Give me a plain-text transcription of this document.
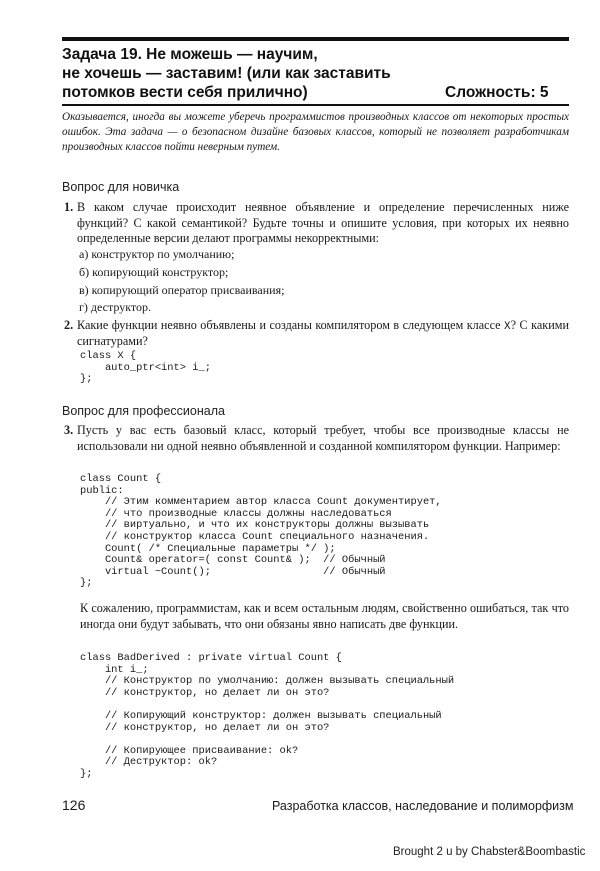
Задача 19. Не можешь — научим,
не хочешь — заставим! (или как заставить
потомков вести себя прилично)	Сложность: 5
Оказывается, иногда вы можете уберечь программистов производных классов от некоторых простых ошибок. Эта задача — о безопасном дизайне базовых классов, который не позволяет разработчикам производных классов пойти неверным путем.
Вопрос для новичка
1. В каком случае происходит неявное объявление и определение перечисленных ниже функций? С какой семантикой? Будьте точны и опишите условия, при которых их неявно определенные версии делают программы некорректными:
а) конструктор по умолчанию;
б) копирующий конструктор;
в) копирующий оператор присваивания;
г) деструктор.
2. Какие функции неявно объявлены и созданы компилятором в следующем классе X? С какими сигнатурами?
class X {
auto_ptr<int> i_;
};
Вопрос для профессионала
3. Пусть у вас есть базовый класс, который требует, чтобы все производные классы не использовали ни одной неявно объявленной и созданной компилятором функции. Например:
class Count {
public:
// Этим комментарием автор класса Count документирует,
// что производные классы должны наследоваться
// виртуально, и что их конструкторы должны вызывать
// конструктор класса Count специального назначения.
Count( /* Специальные параметры */ );
Count& operator=( const Count& );  // Обычный
virtual ~Count();                  // Обычный
};
К сожалению, программистам, как и всем остальным людям, свойственно ошибаться, так что иногда они будут забывать, что они обязаны явно написать две функции.
class BadDerived : private virtual Count {
int i_;
// Конструктор по умолчанию: должен вызывать специальный
// конструктор, но делает ли он это?

// Копирующий конструктор: должен вызывать специальный
// конструктор, но делает ли он это?

// Копирующее присваивание: ok?
// Деструктор: ok?
};
126	Разработка классов, наследование и полиморфизм
Brought 2 u by Chabster&Boombastic
